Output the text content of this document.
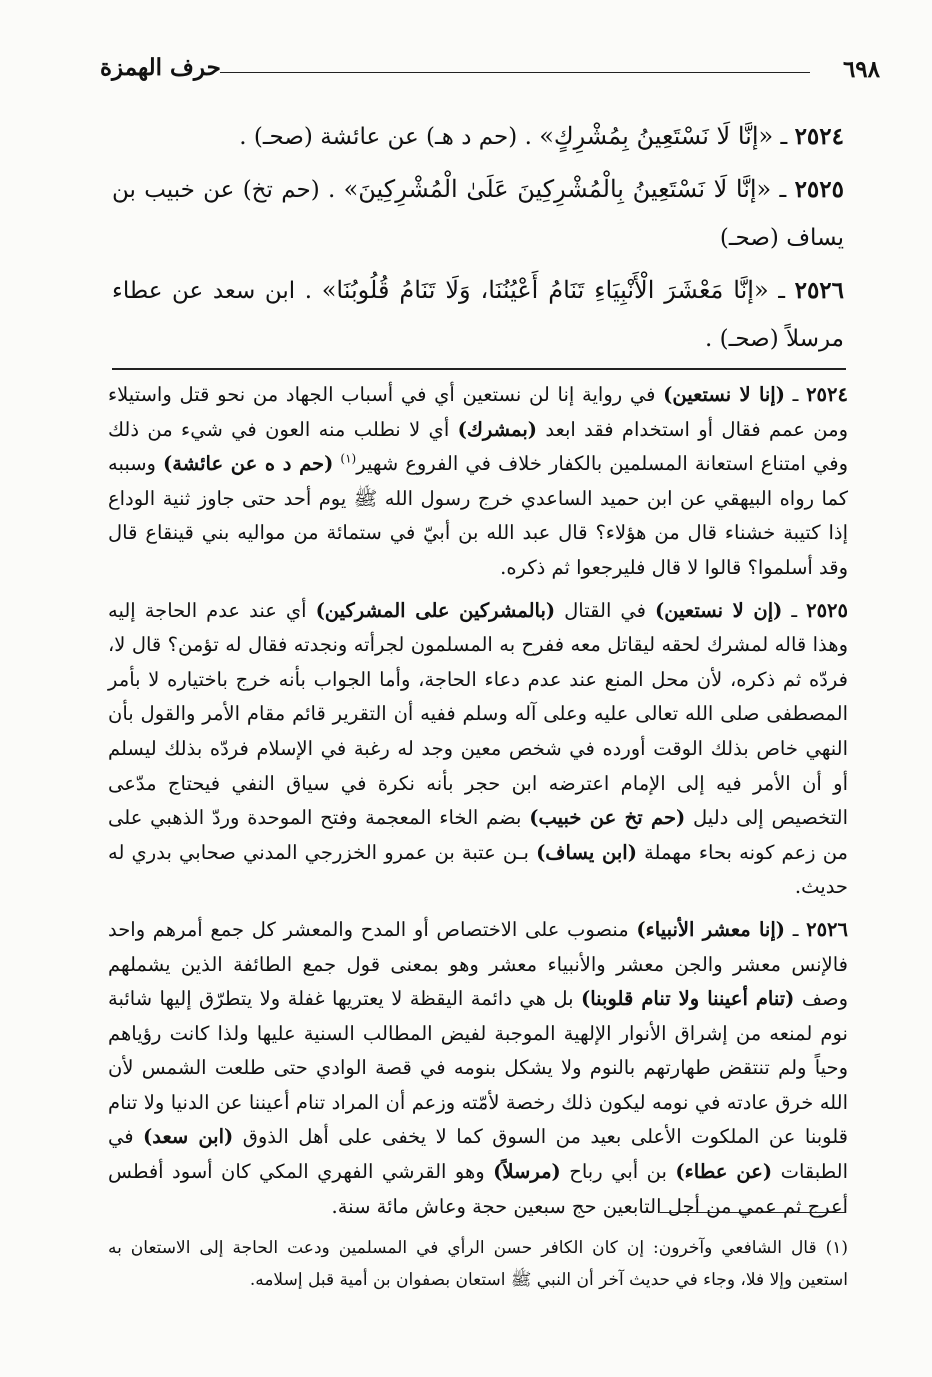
٦٩٨
حرف الهمزة

٢٥٢٤ ـ «إنَّا لَا نَسْتَعِينُ بِمُشْرِكٍ» . (حم د هـ) عن عائشة (صحـ) .

٢٥٢٥ ـ «إنَّا لَا نَسْتَعِينُ بِالْمُشْرِكِينَ عَلَىٰ الْمُشْرِكِينَ» . (حم تخ) عن خبيب بن يساف (صحـ)

٢٥٢٦ ـ «إنَّا مَعْشَرَ الْأَنْبِيَاءِ تَنَامُ أَعْيُنُنَا، وَلَا تَنَامُ قُلُوبُنَا» . ابن سعد عن عطاء مرسلاً (صحـ) .

٢٥٢٤ ـ (إنا لا نستعين) في رواية إنا لن نستعين أي في أسباب الجهاد من نحو قتل واستيلاء ومن عمم فقال أو استخدام فقد ابعد (بمشرك) أي لا نطلب منه العون في شيء من ذلك وفي امتناع استعانة المسلمين بالكفار خلاف في الفروع شهير$^{(١)}$ (حم د ه عن عائشة) وسببه كما رواه البيهقي عن ابن حميد الساعدي خرج رسول الله ﷺ يوم أحد حتى جاوز ثنية الوداع إذا كتيبة خشناء قال من هؤلاء؟ قال عبد الله بن أبيّ في ستمائة من مواليه بني قينقاع قال وقد أسلموا؟ قالوا لا قال فليرجعوا ثم ذكره.

٢٥٢٥ ـ (إن لا نستعين) في القتال (بالمشركين على المشركين) أي عند عدم الحاجة إليه وهذا قاله لمشرك لحقه ليقاتل معه ففرح به المسلمون لجرأته ونجدته فقال له تؤمن؟ قال لا، فردّه ثم ذكره، لأن محل المنع عند عدم دعاء الحاجة، وأما الجواب بأنه خرج باختياره لا بأمر المصطفى صلى الله تعالى عليه وعلى آله وسلم ففيه أن التقرير قائم مقام الأمر والقول بأن النهي خاص بذلك الوقت أورده في شخص معين وجد له رغبة في الإسلام فردّه بذلك ليسلم أو أن الأمر فيه إلى الإمام اعترضه ابن حجر بأنه نكرة في سياق النفي فيحتاج مدّعى التخصيص إلى دليل (حم تخ عن خبيب) بضم الخاء المعجمة وفتح الموحدة وردّ الذهبي على من زعم كونه بحاء مهملة (ابن يساف) بـن عتبة بن عمرو الخزرجي المدني صحابي بدري له حديث.

٢٥٢٦ ـ (إنا معشر الأنبياء) منصوب على الاختصاص أو المدح والمعشر كل جمع أمرهم واحد فالإنس معشر والجن معشر والأنبياء معشر وهو بمعنى قول جمع الطائفة الذين يشملهم وصف (تنام أعيننا ولا تنام قلوبنا) بل هي دائمة اليقظة لا يعتريها غفلة ولا يتطرّق إليها شائبة نوم لمنعه من إشراق الأنوار الإلهية الموجبة لفيض المطالب السنية عليها ولذا كانت رؤياهم وحياً ولم تنتقض طهارتهم بالنوم ولا يشكل بنومه في قصة الوادي حتى طلعت الشمس لأن الله خرق عادته في نومه ليكون ذلك رخصة لأمّته وزعم أن المراد تنام أعيننا عن الدنيا ولا تنام قلوبنا عن الملكوت الأعلى بعيد من السوق كما لا يخفى على أهل الذوق (ابن سعد) في الطبقات (عن عطاء) بن أبي رباح (مرسلاً) وهو القرشي الفهري المكي كان أسود أفطس أعرج ثم عمي من أجل التابعين حج سبعين حجة وعاش مائة سنة.

(١) قال الشافعي وآخرون: إن كان الكافر حسن الرأي في المسلمين ودعت الحاجة إلى الاستعان به استعين وإلا فلا، وجاء في حديث آخر أن النبي ﷺ استعان بصفوان بن أمية قبل إسلامه.
